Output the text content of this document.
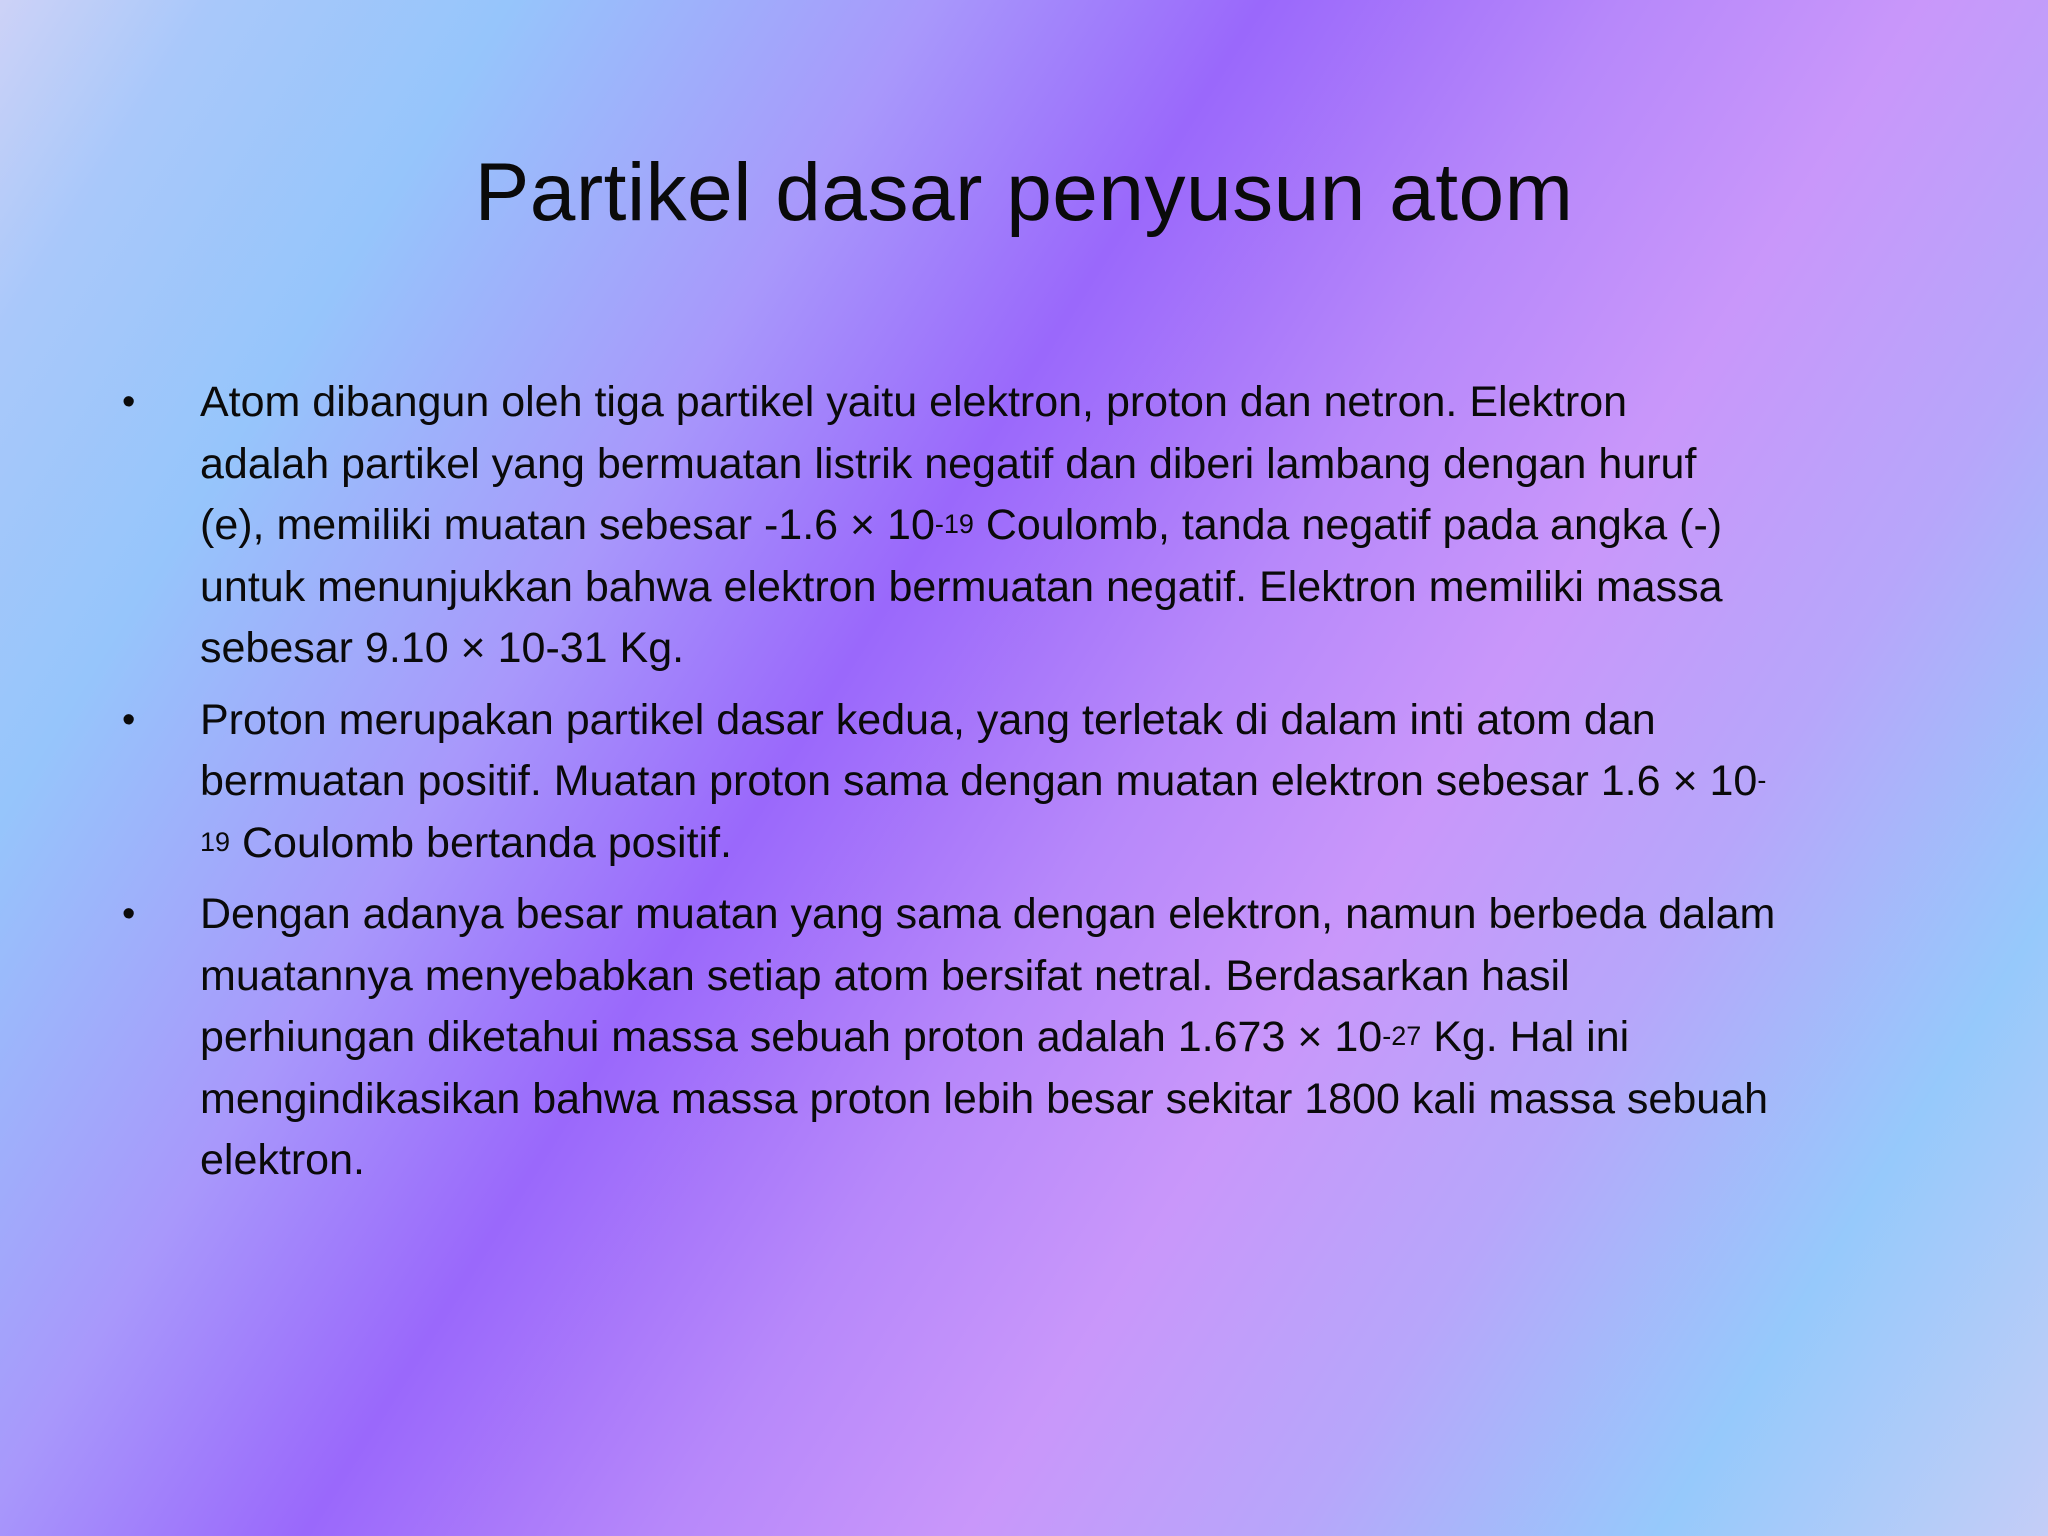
Partikel dasar penyusun atom
•	Atom dibangun oleh tiga partikel yaitu elektron, proton dan netron. Elektron
adalah partikel yang bermuatan listrik negatif dan diberi lambang dengan huruf
(e), memiliki muatan sebesar $-1.6 \times 10^{-19}$ Coulomb, tanda negatif pada angka (-)
untuk menunjukkan bahwa elektron bermuatan negatif. Elektron memiliki massa
sebesar 9.10 × 10-31 Kg.
•	Proton merupakan partikel dasar kedua, yang terletak di dalam inti atom dan
bermuatan positif. Muatan proton sama dengan muatan elektron sebesar 1.6 × 10-
$^{19}$ Coulomb bertanda positif.
•	Dengan adanya besar muatan yang sama dengan elektron, namun berbeda dalam
muatannya menyebabkan setiap atom bersifat netral. Berdasarkan hasil
perhiungan diketahui massa sebuah proton adalah $1.673 \times 10^{-27}$ Kg. Hal ini
mengindikasikan bahwa massa proton lebih besar sekitar 1800 kali massa sebuah
elektron.
